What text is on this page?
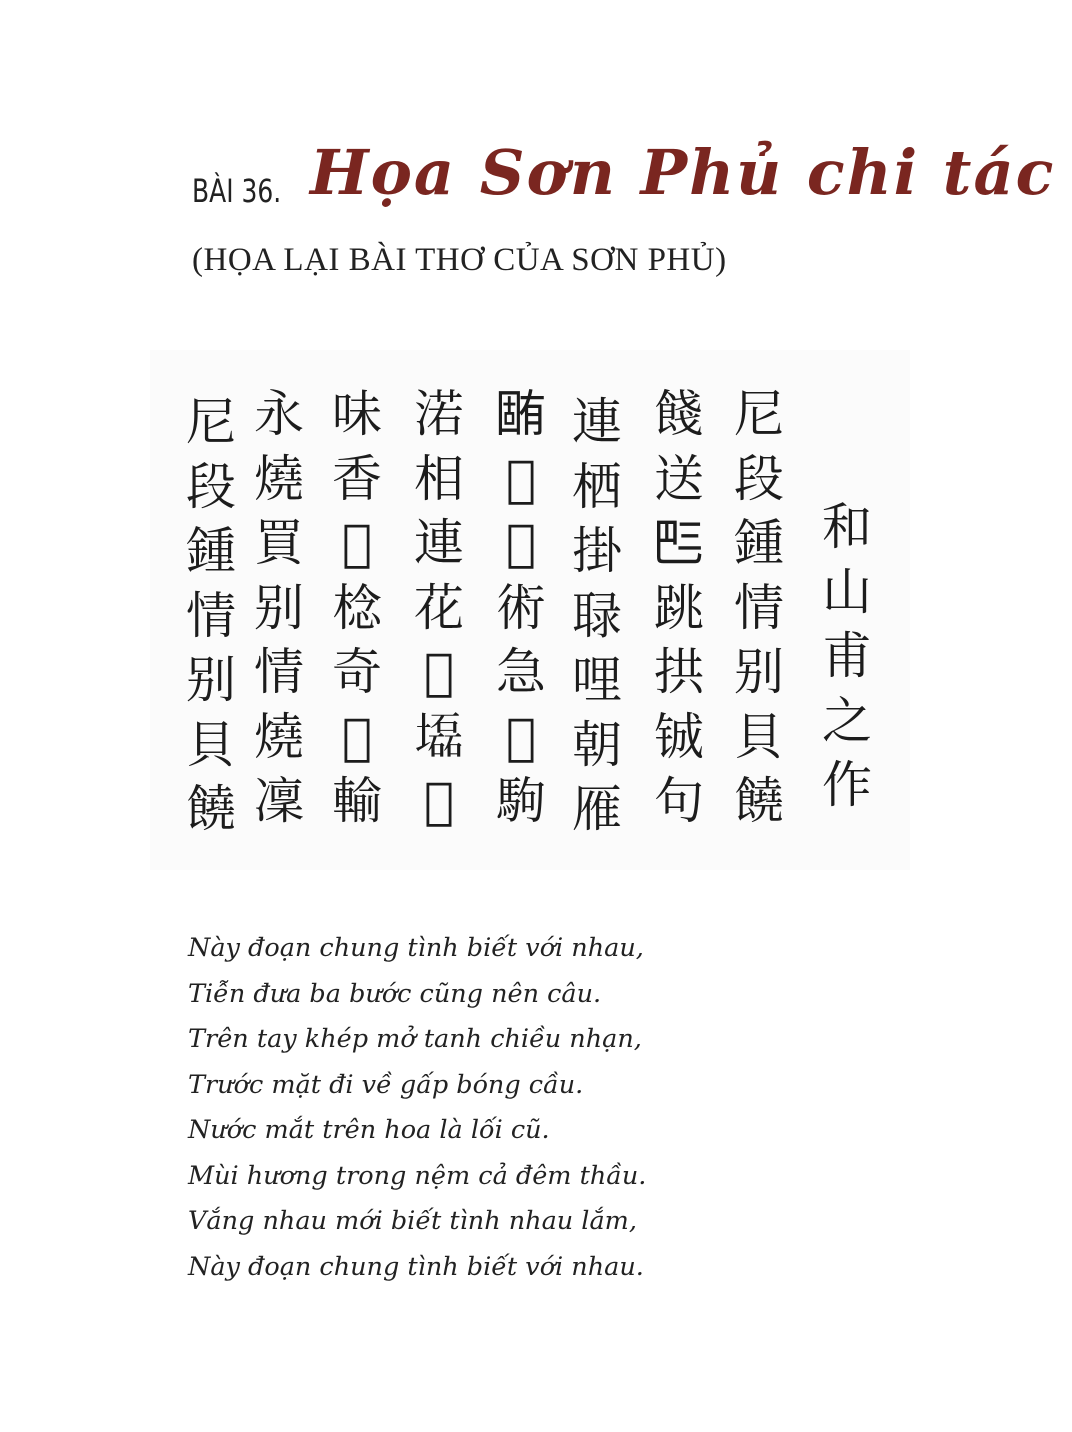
BÀI 36. Họa Sơn Phủ chi tác
(HỌA LẠI BÀI THƠ CỦA SƠN PHỦ)
和
山
甫
之
作
尼
段
鍾
情
别
貝
饒
餞
送
𠀧
跳
拱
铖
句
連
栖
掛
䎼
哩
朝
雁
𣎏
𩵜
𢧚
術
急
𨀈
駒
渃
相
連
花
𦋦
𡓃
𩈘
味
香
𪟽
棯
奇
𣈘
輸
永
燒
買
别
情
燒
凜
尼
段
鍾
情
别
貝
饒
Này đoạn chung tình biết với nhau,
Tiễn đưa ba bước cũng nên câu.
Trên tay khép mở tanh chiều nhạn,
Trước mặt đi về gấp bóng cầu.
Nước mắt trên hoa là lối cũ.
Mùi hương trong nệm cả đêm thầu.
Vắng nhau mới biết tình nhau lắm,
Này đoạn chung tình biết với nhau.
